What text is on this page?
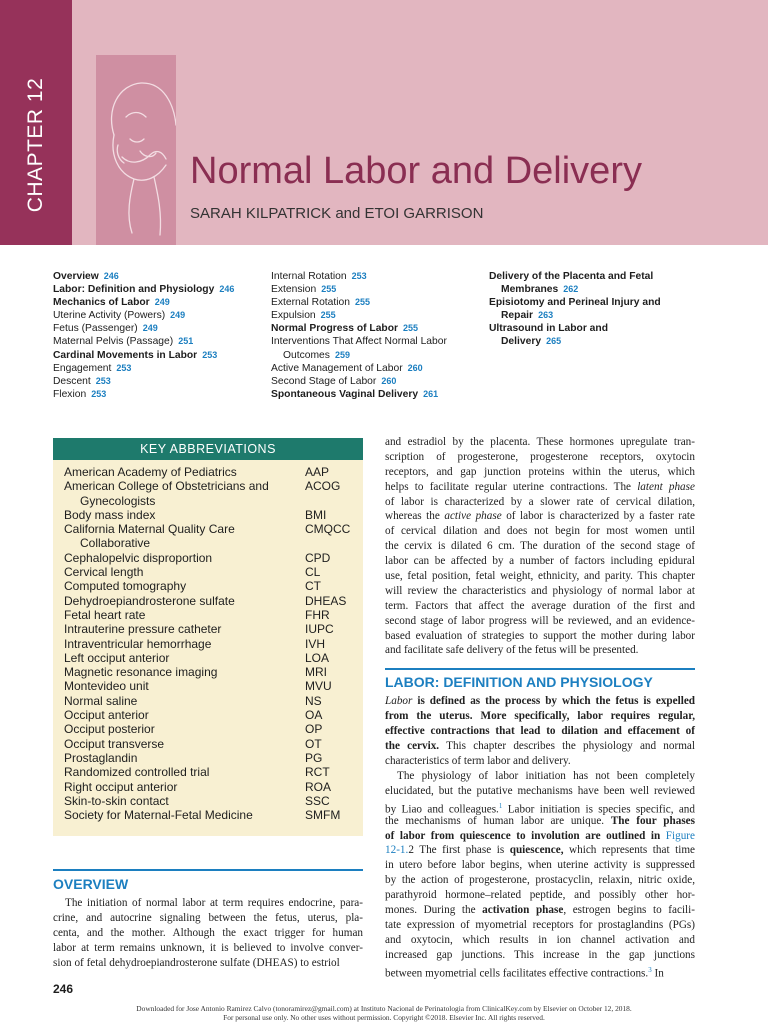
CHAPTER 12	Normal Labor and Delivery
SARAH KILPATRICK and ETOI GARRISON
Overview 246
Labor: Definition and Physiology 246
Mechanics of Labor 249
Uterine Activity (Powers) 249
Fetus (Passenger) 249
Maternal Pelvis (Passage) 251
Cardinal Movements in Labor 253
Engagement 253
Descent 253
Flexion 253
Internal Rotation 253
Extension 255
External Rotation 255
Expulsion 255
Normal Progress of Labor 255
Interventions That Affect Normal Labor
Outcomes 259
Active Management of Labor 260
Second Stage of Labor 260
Spontaneous Vaginal Delivery 261
Delivery of the Placenta and Fetal
Membranes 262
Episiotomy and Perineal Injury and
Repair 263
Ultrasound in Labor and
Delivery 265
KEY ABBREVIATIONS
American Academy of Pediatrics	AAP
American College of Obstetricians and	ACOG
Gynecologists
Body mass index	BMI
California Maternal Quality Care	CMQCC
Collaborative
Cephalopelvic disproportion	CPD
Cervical length	CL
Computed tomography	CT
Dehydroepiandrosterone sulfate	DHEAS
Fetal heart rate	FHR
Intrauterine pressure catheter	IUPC
Intraventricular hemorrhage	IVH
Left occiput anterior	LOA
Magnetic resonance imaging	MRI
Montevideo unit	MVU
Normal saline	NS
Occiput anterior	OA
Occiput posterior	OP
Occiput transverse	OT
Prostaglandin	PG
Randomized controlled trial	RCT
Right occiput anterior	ROA
Skin-to-skin contact	SSC
Society for Maternal-Fetal Medicine	SMFM
OVERVIEW
The initiation of normal labor at term requires endocrine, para-
crine, and autocrine signaling between the fetus, uterus, pla-
centa, and the mother. Although the exact trigger for human
labor at term remains unknown, it is believed to involve conver-
sion of fetal dehydroepiandrosterone sulfate (DHEAS) to estriol
and estradiol by the placenta. These hormones upregulate tran-
scription of progesterone, progesterone receptors, oxytocin
receptors, and gap junction proteins within the uterus, which
helps to facilitate regular uterine contractions. The latent phase
of labor is characterized by a slower rate of cervical dilation,
whereas the active phase of labor is characterized by a faster rate
of cervical dilation and does not begin for most women until
the cervix is dilated 6 cm. The duration of the second stage of
labor can be affected by a number of factors including epidural
use, fetal position, fetal weight, ethnicity, and parity. This chapter
will review the characteristics and physiology of normal labor at
term. Factors that affect the average duration of the first and
second stage of labor progress will be reviewed, and an evidence-
based evaluation of strategies to support the mother during labor
and facilitate safe delivery of the fetus will be presented.
LABOR: DEFINITION AND PHYSIOLOGY
Labor is defined as the process by which the fetus is expelled
from the uterus. More specifically, labor requires regular,
effective contractions that lead to dilation and effacement of
the cervix. This chapter describes the physiology and normal
characteristics of term labor and delivery.
The physiology of labor initiation has not been completely
elucidated, but the putative mechanisms have been well reviewed
by Liao and colleagues.$^1$ Labor initiation is species specific, and
the mechanisms of human labor are unique. The four phases
of labor from quiescence to involution are outlined in Figure
12-1.2 The first phase is quiescence, which represents that time
in utero before labor begins, when uterine activity is suppressed
by the action of progesterone, prostacyclin, relaxin, nitric oxide,
parathyroid hormone–related peptide, and possibly other hor-
mones. During the activation phase, estrogen begins to facili-
tate expression of myometrial receptors for prostaglandins (PGs)
and oxytocin, which results in ion channel activation and
increased gap junctions. This increase in the gap junctions
between myometrial cells facilitates effective contractions.$^3$ In
246
Downloaded for Jose Antonio Ramirez Calvo (tonoramirez@gmail.com) at Instituto Nacional de Perinatologia from ClinicalKey.com by Elsevier on October 12, 2018.
For personal use only. No other uses without permission. Copyright ©2018. Elsevier Inc. All rights reserved.
